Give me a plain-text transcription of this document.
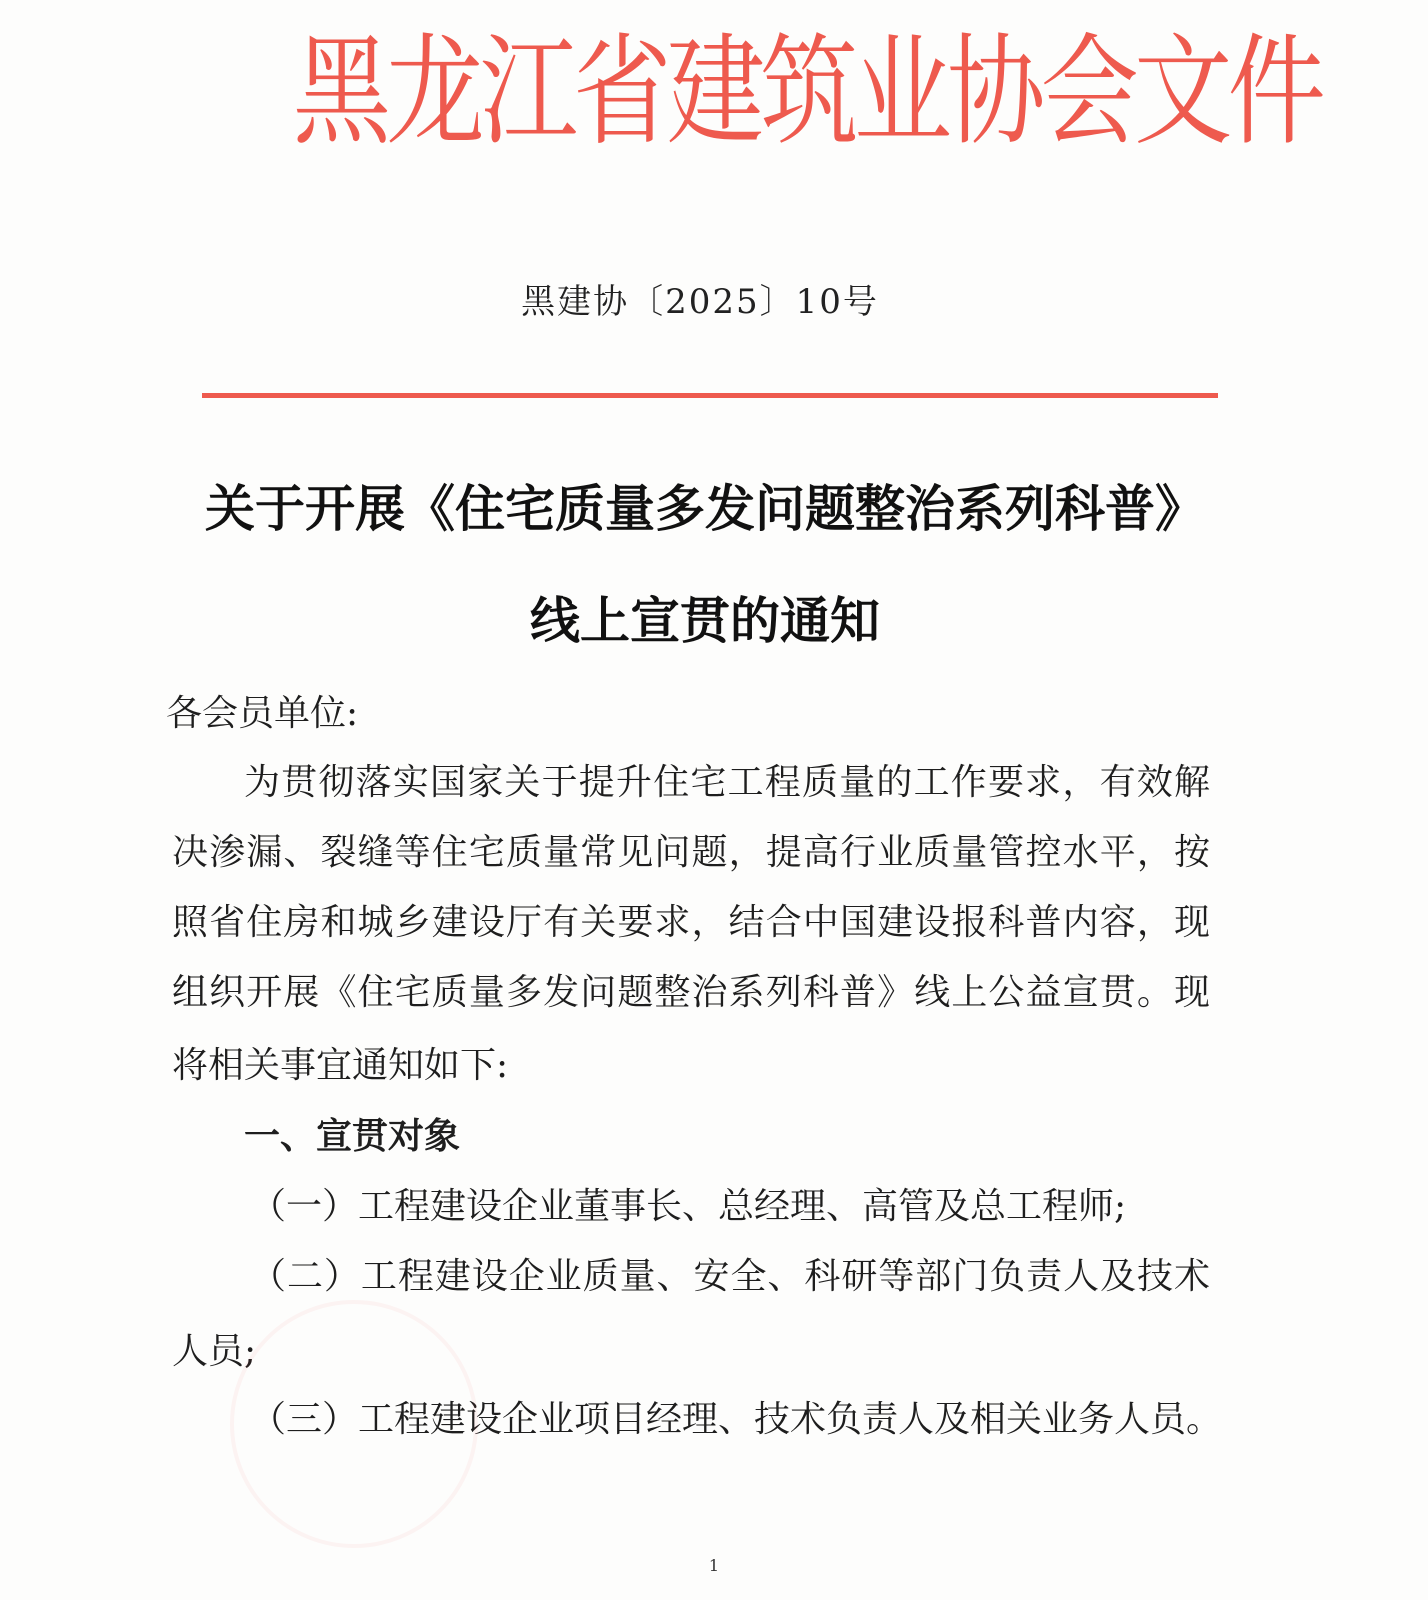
黑龙江省建筑业协会文件
黑建协〔2025〕10号
关于开展《住宅质量多发问题整治系列科普》
线上宣贯的通知
各会员单位:
为贯彻落实国家关于提升住宅工程质量的工作要求，有效解
决渗漏、裂缝等住宅质量常见问题，提高行业质量管控水平，按
照省住房和城乡建设厅有关要求，结合中国建设报科普内容，现
组织开展《住宅质量多发问题整治系列科普》线上公益宣贯。现
将相关事宜通知如下:
一、宣贯对象
（一）工程建设企业董事长、总经理、高管及总工程师;
（二）工程建设企业质量、安全、科研等部门负责人及技术
人员;
（三）工程建设企业项目经理、技术负责人及相关业务人员。
1
